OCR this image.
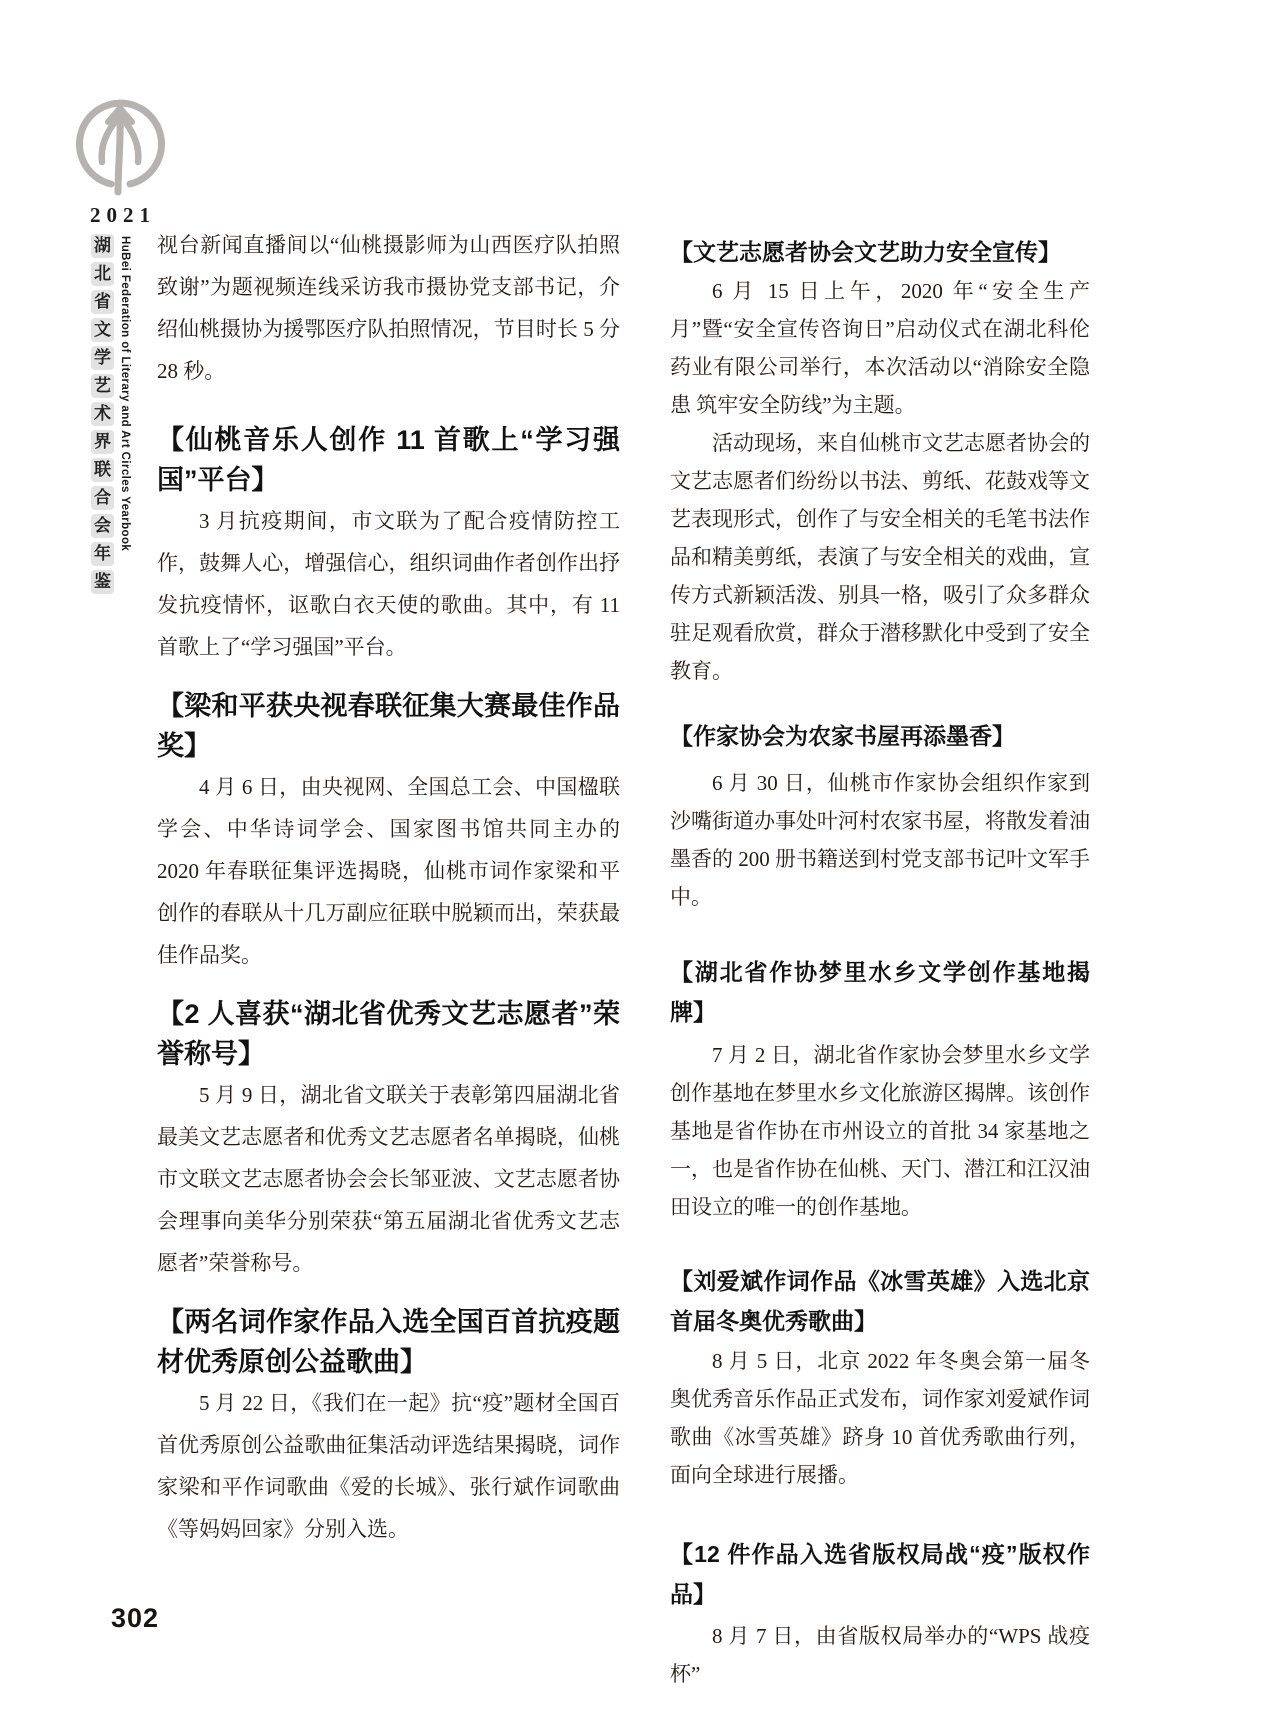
2021
湖
北
省
文
学
艺
术
界
联
合
会
年
鉴
HuBei Federation of Literary and Art Circles Yearbook 视台新闻直播间以“仙桃摄影师为山西医疗队拍照致谢”为题视频连线采访我市摄协党支部书记，介绍仙桃摄协为援鄂医疗队拍照情况，节目时长 5 分 28 秒。
【仙桃音乐人创作 11 首歌上“学习强国”平台】
3 月抗疫期间，市文联为了配合疫情防控工作，鼓舞人心，增强信心，组织词曲作者创作出抒发抗疫情怀，讴歌白衣天使的歌曲。其中，有 11 首歌上了“学习强国”平台。
【梁和平获央视春联征集大赛最佳作品奖】
4 月 6 日，由央视网、全国总工会、中国楹联学会、中华诗词学会、国家图书馆共同主办的 2020 年春联征集评选揭晓，仙桃市词作家梁和平创作的春联从十几万副应征联中脱颖而出，荣获最佳作品奖。
【2 人喜获“湖北省优秀文艺志愿者”荣誉称号】
5 月 9 日，湖北省文联关于表彰第四届湖北省最美文艺志愿者和优秀文艺志愿者名单揭晓，仙桃市文联文艺志愿者协会会长邹亚波、文艺志愿者协会理事向美华分别荣获“第五届湖北省优秀文艺志愿者”荣誉称号。
【两名词作家作品入选全国百首抗疫题材优秀原创公益歌曲】
5 月 22 日，《我们在一起》抗“疫”题材全国百首优秀原创公益歌曲征集活动评选结果揭晓，词作家梁和平作词歌曲《爱的长城》、张行斌作词歌曲《等妈妈回家》分别入选。
【文艺志愿者协会文艺助力安全宣传】
6 月 15 日上午，2020 年“安全生产月”暨“安全宣传咨询日”启动仪式在湖北科伦药业有限公司举行，本次活动以“消除安全隐患 筑牢安全防线”为主题。
活动现场，来自仙桃市文艺志愿者协会的文艺志愿者们纷纷以书法、剪纸、花鼓戏等文艺表现形式，创作了与安全相关的毛笔书法作品和精美剪纸，表演了与安全相关的戏曲，宣传方式新颖活泼、别具一格，吸引了众多群众驻足观看欣赏，群众于潜移默化中受到了安全教育。
【作家协会为农家书屋再添墨香】
6 月 30 日，仙桃市作家协会组织作家到沙嘴街道办事处叶河村农家书屋，将散发着油墨香的 200 册书籍送到村党支部书记叶文军手中。
【湖北省作协梦里水乡文学创作基地揭牌】
7 月 2 日，湖北省作家协会梦里水乡文学创作基地在梦里水乡文化旅游区揭牌。该创作基地是省作协在市州设立的首批 34 家基地之一，也是省作协在仙桃、天门、潜江和江汉油田设立的唯一的创作基地。
【刘爱斌作词作品《冰雪英雄》入选北京首届冬奥优秀歌曲】
8 月 5 日，北京 2022 年冬奥会第一届冬奥优秀音乐作品正式发布，词作家刘爱斌作词歌曲《冰雪英雄》跻身 10 首优秀歌曲行列，面向全球进行展播。
【12 件作品入选省版权局战“疫”版权作品】
8 月 7 日，由省版权局举办的“WPS 战疫杯”
302
